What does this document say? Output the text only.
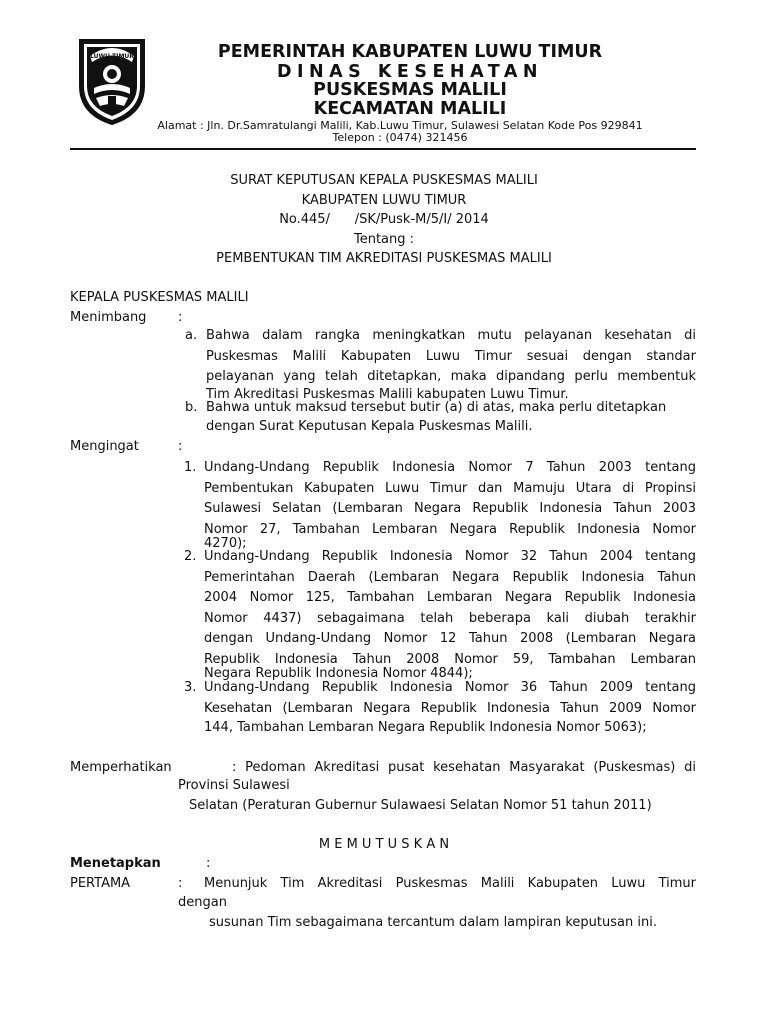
LUWU TIMUR	PEMERINTAH KABUPATEN LUWU TIMUR
DINAS KESEHATAN
PUSKESMAS MALILI
KECAMATAN MALILI
Alamat : Jln. Dr.Samratulangi Malili, Kab.Luwu Timur, Sulawesi Selatan Kode Pos 929841
Telepon : (0474) 321456
SURAT KEPUTUSAN KEPALA PUSKESMAS MALILI
KABUPATEN LUWU TIMUR
No.445/      /SK/Pusk-M/5/I/ 2014
Tentang :
PEMBENTUKAN TIM AKREDITASI PUSKESMAS MALILI
KEPALA PUSKESMAS MALILI
Menimbang :
a. Bahwa dalam rangka meningkatkan mutu pelayanan kesehatan di
Puskesmas Malili Kabupaten Luwu Timur sesuai dengan standar
pelayanan yang telah ditetapkan, maka dipandang perlu membentuk
Tim Akreditasi Puskesmas Malili kabupaten Luwu Timur.
b. Bahwa untuk maksud tersebut butir (a) di atas, maka perlu ditetapkan
dengan Surat Keputusan Kepala Puskesmas Malili.
Mengingat	:
1. Undang-Undang Republik Indonesia Nomor 7 Tahun 2003 tentang
Pembentukan Kabupaten Luwu Timur dan Mamuju Utara di Propinsi
Sulawesi Selatan (Lembaran Negara Republik Indonesia Tahun 2003
Nomor 27, Tambahan Lembaran Negara Republik Indonesia Nomor
4270);
2. Undang-Undang Republik Indonesia Nomor 32 Tahun 2004 tentang
Pemerintahan Daerah (Lembaran Negara Republik Indonesia Tahun
2004 Nomor 125, Tambahan Lembaran Negara Republik Indonesia
Nomor 4437) sebagaimana telah beberapa kali diubah terakhir
dengan Undang-Undang Nomor 12 Tahun 2008 (Lembaran Negara
Republik Indonesia Tahun 2008 Nomor 59, Tambahan Lembaran
Negara Republik Indonesia Nomor 4844);
3. Undang-Undang Republik Indonesia Nomor 36 Tahun 2009 tentang
Kesehatan (Lembaran Negara Republik Indonesia Tahun 2009 Nomor
144, Tambahan Lembaran Negara Republik Indonesia Nomor 5063);
Memperhatikan	: Pedoman Akreditasi pusat kesehatan Masyarakat (Puskesmas) di
Provinsi Sulawesi
Selatan (Peraturan Gubernur Sulawaesi Selatan Nomor 51 tahun 2011)
M E M U T U S K A N
Menetapkan	:
PERTAMA	: Menunjuk Tim Akreditasi Puskesmas Malili Kabupaten Luwu Timur
dengan
susunan Tim sebagaimana tercantum dalam lampiran keputusan ini.
